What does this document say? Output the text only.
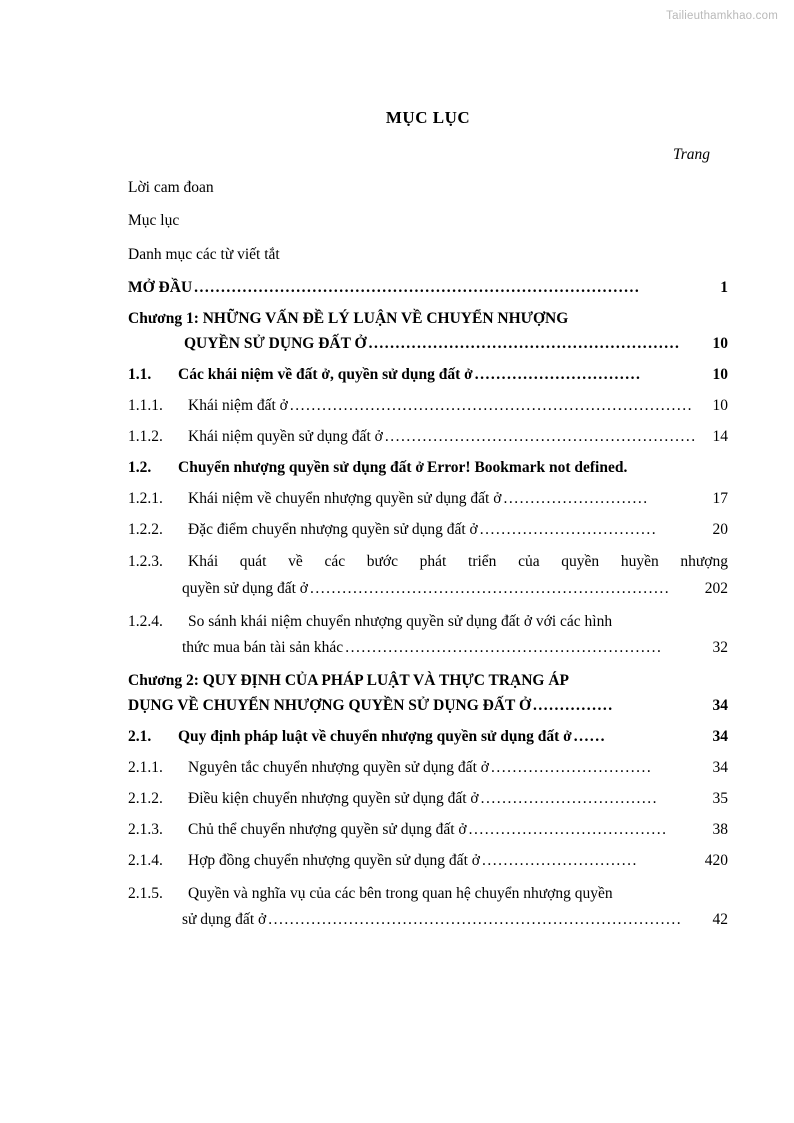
Tailieuthamkhao.com
MỤC LỤC
Trang
Lời cam đoan
Mục lục
Danh mục các từ viết tắt
MỞ ĐẦU ...................................................................................	1
Chương 1: NHỮNG VẤN ĐỀ LÝ LUẬN VỀ CHUYỂN NHƯỢNG
QUYỀN SỬ DỤNG ĐẤT Ở ..........................................................	10
1.1.	Các khái niệm về đất ở, quyền sử dụng đất ở ...............................	10
1.1.1.	Khái niệm đất ở ...........................................................................	10
1.1.2.	Khái niệm quyền sử dụng đất ở ..........................................................	14
1.2.	Chuyển nhượng quyền sử dụng đất ở Error! Bookmark not defined.
1.2.1.	Khái niệm về chuyển nhượng quyền sử dụng đất ở ...........................	17
1.2.2.	Đặc điểm chuyển nhượng quyền sử dụng đất ở .................................	20
1.2.3.	Khái quát về các bước phát triển của quyền huyền nhượng
quyền sử dụng đất ở ...................................................................	202
1.2.4.	So sánh khái niệm chuyển nhượng quyền sử dụng đất ở với các hình
thức mua bán tài sản khác ...........................................................	32
Chương 2: QUY ĐỊNH CỦA PHÁP LUẬT VÀ THỰC TRẠNG ÁP
DỤNG VỀ CHUYỂN NHƯỢNG QUYỀN SỬ DỤNG ĐẤT Ở ...............	34
2.1.	Quy định pháp luật về chuyển nhượng quyền sử dụng đất ở ......	34
2.1.1.	Nguyên tắc chuyển nhượng quyền sử dụng đất ở ..............................	34
2.1.2.	Điều kiện chuyển nhượng quyền sử dụng đất ở .................................	35
2.1.3.	Chủ thể chuyển nhượng quyền sử dụng đất ở .....................................	38
2.1.4.	Hợp đồng chuyển nhượng quyền sử dụng đất ở .............................	420
2.1.5.	Quyền và nghĩa vụ của các bên trong quan hệ chuyển nhượng quyền
sử dụng đất ở .............................................................................	42
